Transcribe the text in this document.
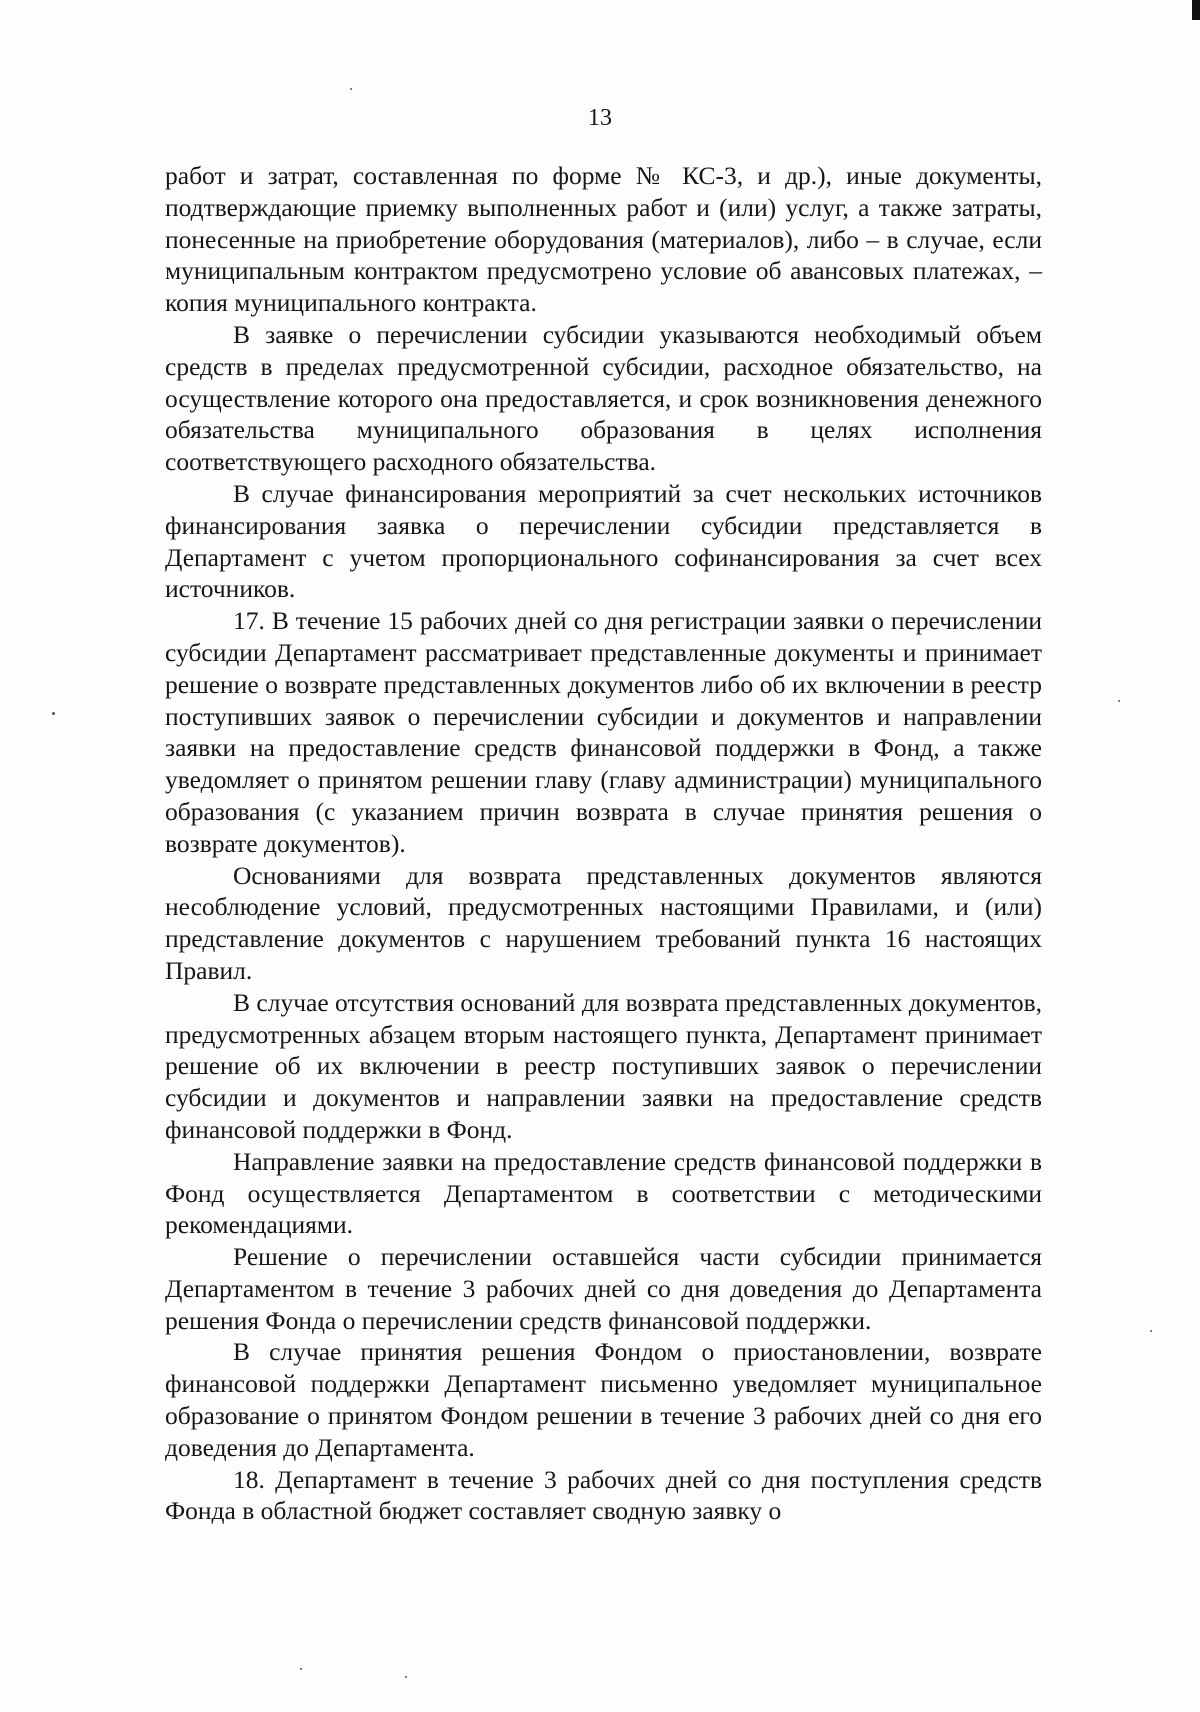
13

работ и затрат, составленная по форме № КС-3, и др.), иные документы, подтверждающие приемку выполненных работ и (или) услуг, а также затраты, понесенные на приобретение оборудования (материалов), либо – в случае, если муниципальным контрактом предусмотрено условие об авансовых платежах, – копия муниципального контракта.

В заявке о перечислении субсидии указываются необходимый объем средств в пределах предусмотренной субсидии, расходное обязательство, на осуществление которого она предоставляется, и срок возникновения денежного обязательства муниципального образования в целях исполнения соответствующего расходного обязательства.

В случае финансирования мероприятий за счет нескольких источников финансирования заявка о перечислении субсидии представляется в Департамент с учетом пропорционального софинансирования за счет всех источников.

17. В течение 15 рабочих дней со дня регистрации заявки о перечислении субсидии Департамент рассматривает представленные документы и принимает решение о возврате представленных документов либо об их включении в реестр поступивших заявок о перечислении субсидии и документов и направлении заявки на предоставление средств финансовой поддержки в Фонд, а также уведомляет о принятом решении главу (главу администрации) муниципального образования (с указанием причин возврата в случае принятия решения о возврате документов).

Основаниями для возврата представленных документов являются несоблюдение условий, предусмотренных настоящими Правилами, и (или) представление документов с нарушением требований пункта 16 настоящих Правил.

В случае отсутствия оснований для возврата представленных документов, предусмотренных абзацем вторым настоящего пункта, Департамент принимает решение об их включении в реестр поступивших заявок о перечислении субсидии и документов и направлении заявки на предоставление средств финансовой поддержки в Фонд.

Направление заявки на предоставление средств финансовой поддержки в Фонд осуществляется Департаментом в соответствии с методическими рекомендациями.

Решение о перечислении оставшейся части субсидии принимается Департаментом в течение 3 рабочих дней со дня доведения до Департамента решения Фонда о перечислении средств финансовой поддержки.

В случае принятия решения Фондом о приостановлении, возврате финансовой поддержки Департамент письменно уведомляет муниципальное образование о принятом Фондом решении в течение 3 рабочих дней со дня его доведения до Департамента.

18. Департамент в течение 3 рабочих дней со дня поступления средств Фонда в областной бюджет составляет сводную заявку о
